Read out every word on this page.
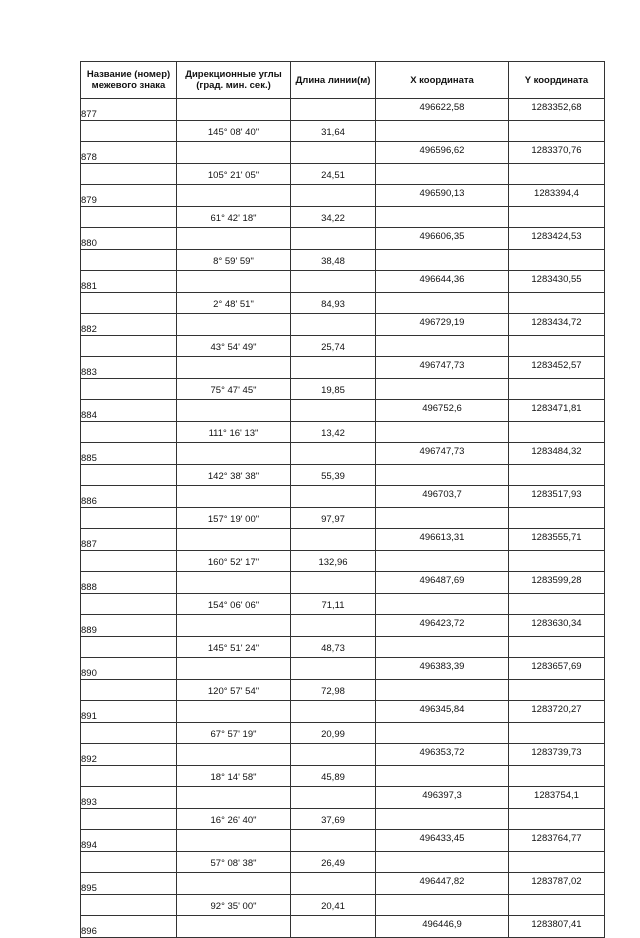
Название (номер) межевого знака	Дирекционные углы (град. мин. сек.)	Длина линии(м)	X координата	Y координата
877			496622,58	1283352,68
	145° 08' 40"	31,64		
878			496596,62	1283370,76
	105° 21' 05"	24,51		
879			496590,13	1283394,4
	61° 42' 18"	34,22		
880			496606,35	1283424,53
	8° 59' 59"	38,48		
881			496644,36	1283430,55
	2° 48' 51"	84,93		
882			496729,19	1283434,72
	43° 54' 49"	25,74		
883			496747,73	1283452,57
	75° 47' 45"	19,85		
884			496752,6	1283471,81
	111° 16' 13"	13,42		
885			496747,73	1283484,32
	142° 38' 38"	55,39		
886			496703,7	1283517,93
	157° 19' 00"	97,97		
887			496613,31	1283555,71
	160° 52' 17"	132,96		
888			496487,69	1283599,28
	154° 06' 06"	71,11		
889			496423,72	1283630,34
	145° 51' 24"	48,73		
890			496383,39	1283657,69
	120° 57' 54"	72,98		
891			496345,84	1283720,27
	67° 57' 19"	20,99		
892			496353,72	1283739,73
	18° 14' 58"	45,89		
893			496397,3	1283754,1
	16° 26' 40"	37,69		
894			496433,45	1283764,77
	57° 08' 38"	26,49		
895			496447,82	1283787,02
	92° 35' 00"	20,41		
896			496446,9	1283807,41
